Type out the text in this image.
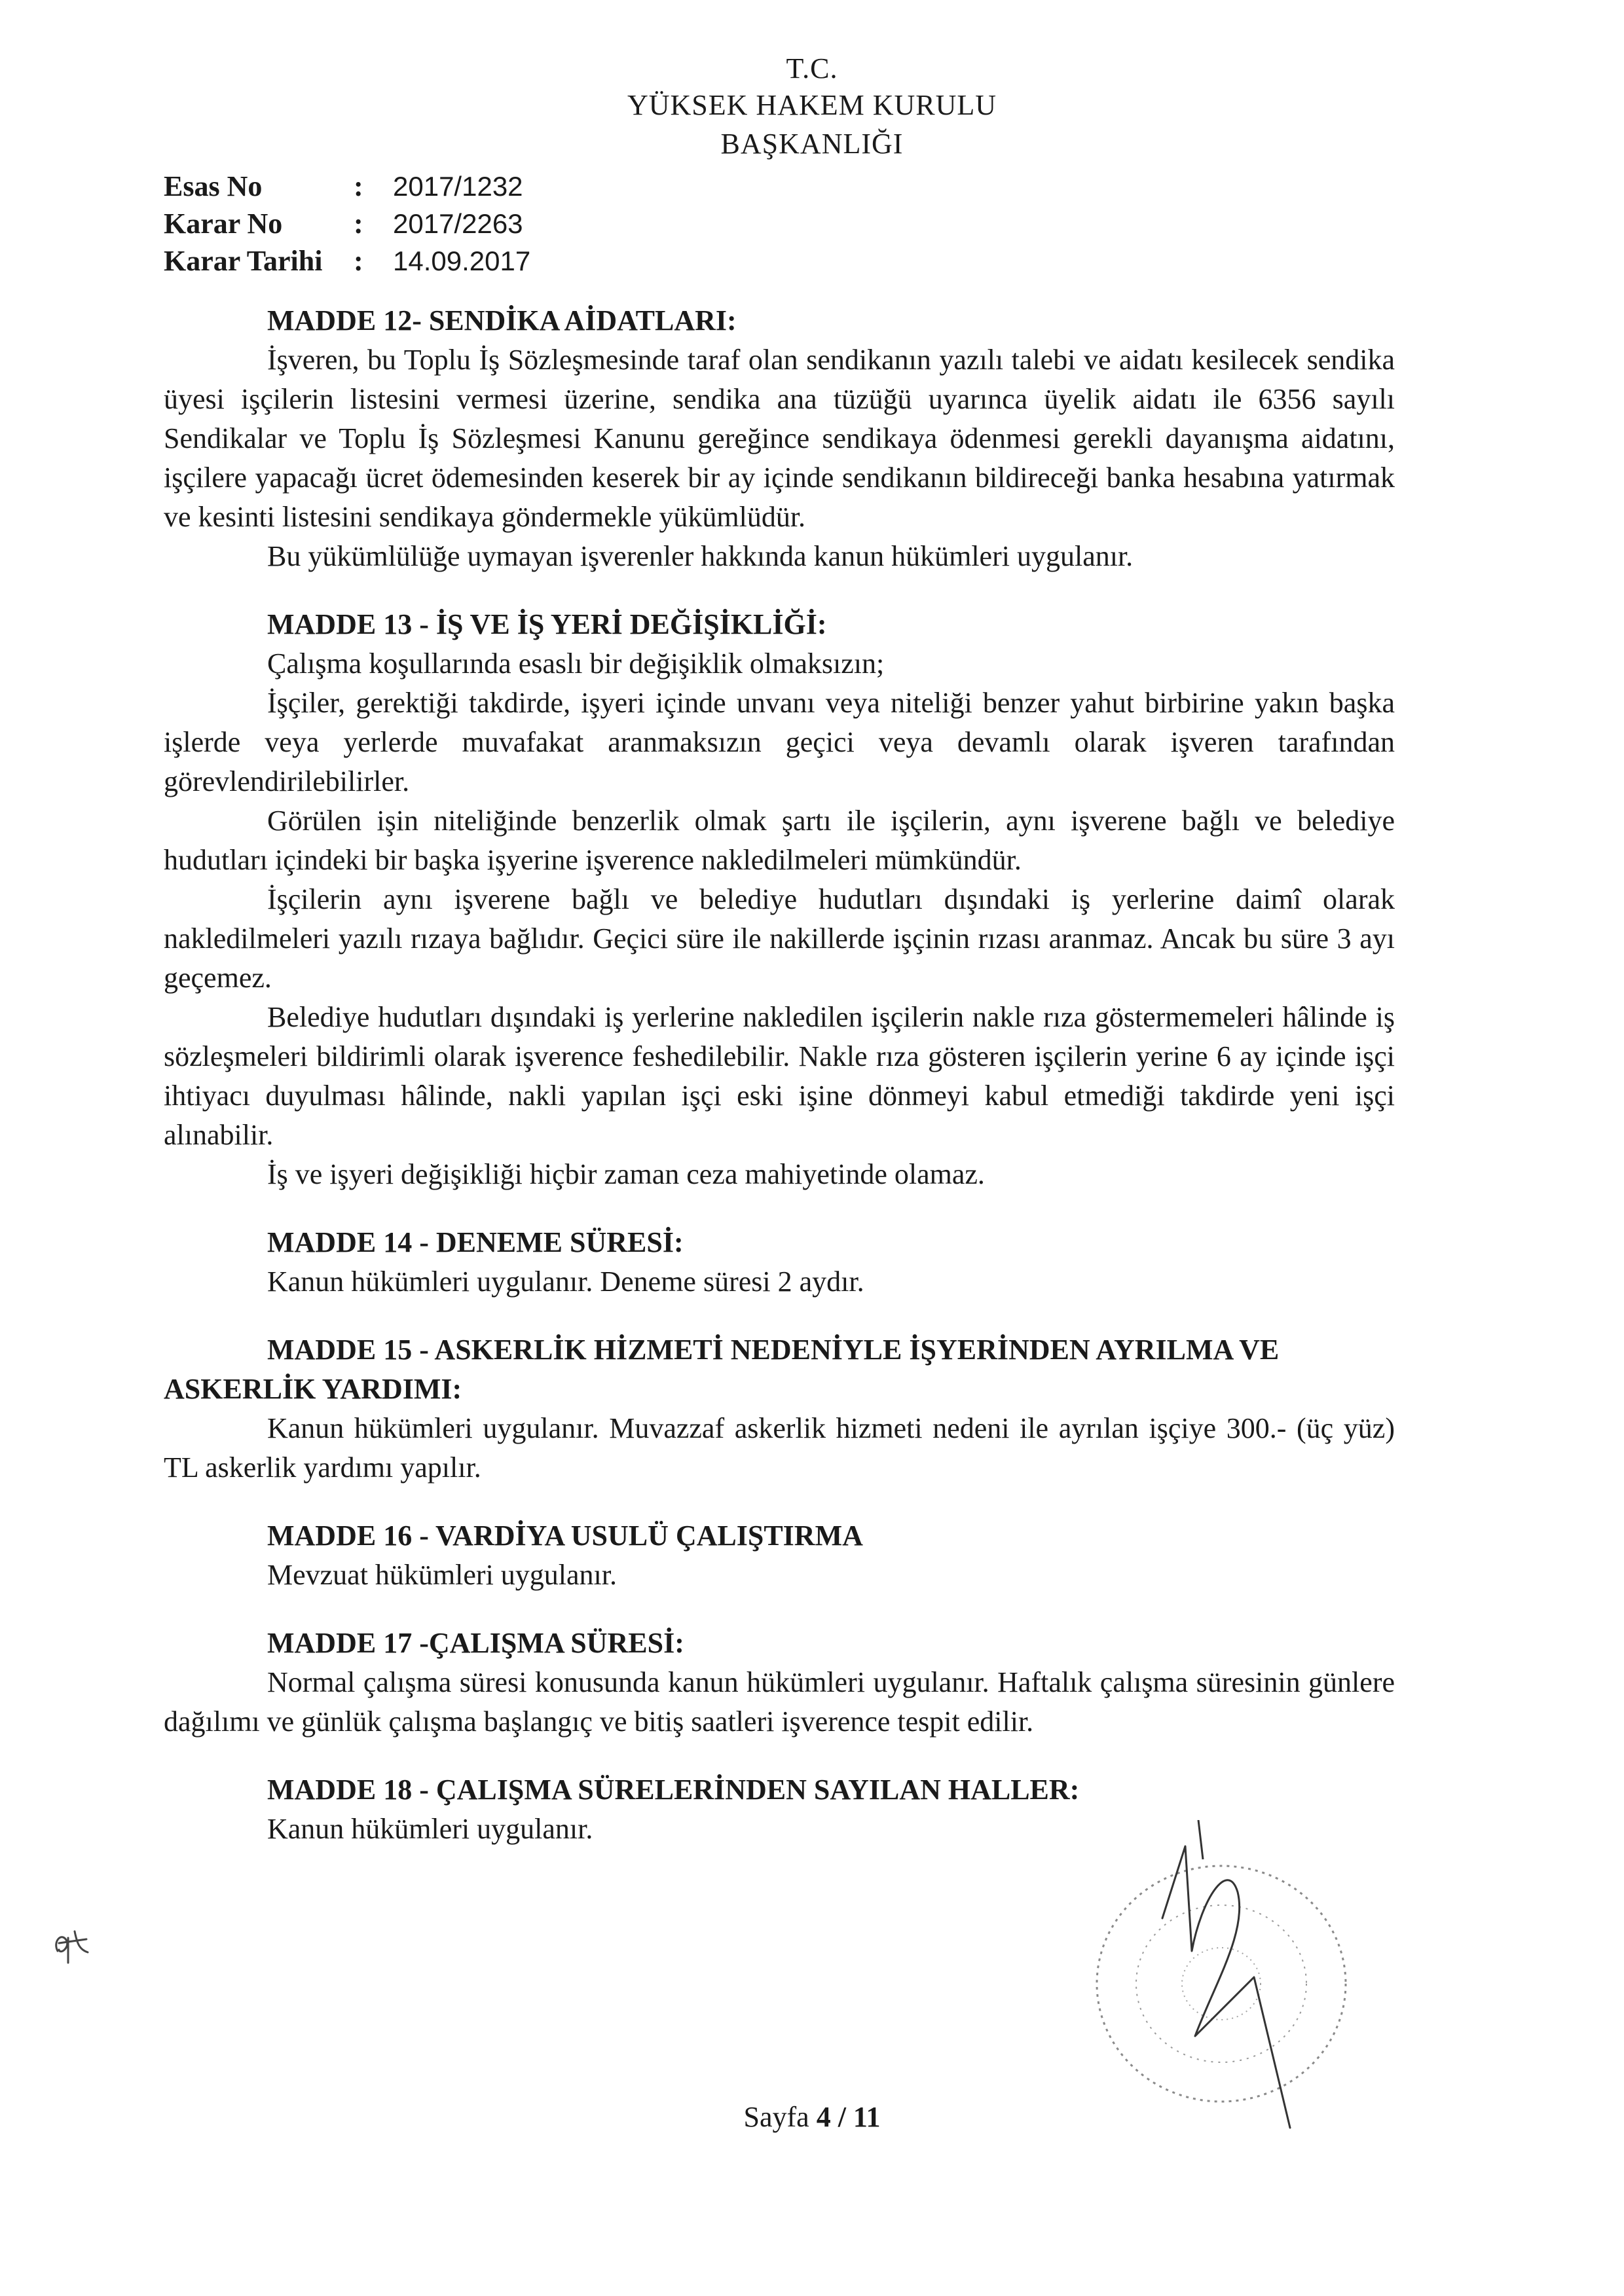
T.C.
YÜKSEK HAKEM KURULU
BAŞKANLIĞI
Esas No	:	2017/1232
Karar No	:	2017/2263
Karar Tarihi	:	14.09.2017
MADDE 12- SENDİKA AİDATLARI:

İşveren, bu Toplu İş Sözleşmesinde taraf olan sendikanın yazılı talebi ve aidatı kesilecek sendika üyesi işçilerin listesini vermesi üzerine, sendika ana tüzüğü uyarınca üyelik aidatı ile 6356 sayılı Sendikalar ve Toplu İş Sözleşmesi Kanunu gereğince sendikaya ödenmesi gerekli dayanışma aidatını, işçilere yapacağı ücret ödemesinden keserek bir ay içinde sendikanın bildireceği banka hesabına yatırmak ve kesinti listesini sendikaya göndermekle yükümlüdür.

Bu yükümlülüğe uymayan işverenler hakkında kanun hükümleri uygulanır.

MADDE 13 - İŞ VE İŞ YERİ DEĞİŞİKLİĞİ:

Çalışma koşullarında esaslı bir değişiklik olmaksızın;

İşçiler, gerektiği takdirde, işyeri içinde unvanı veya niteliği benzer yahut birbirine yakın başka işlerde veya yerlerde muvafakat aranmaksızın geçici veya devamlı olarak işveren tarafından görevlendirilebilirler.

Görülen işin niteliğinde benzerlik olmak şartı ile işçilerin, aynı işverene bağlı ve belediye hudutları içindeki bir başka işyerine işverence nakledilmeleri mümkündür.

İşçilerin aynı işverene bağlı ve belediye hudutları dışındaki iş yerlerine daimî olarak nakledilmeleri yazılı rızaya bağlıdır. Geçici süre ile nakillerde işçinin rızası aranmaz. Ancak bu süre 3 ayı geçemez.

Belediye hudutları dışındaki iş yerlerine nakledilen işçilerin nakle rıza göstermemeleri hâlinde iş sözleşmeleri bildirimli olarak işverence feshedilebilir. Nakle rıza gösteren işçilerin yerine 6 ay içinde işçi ihtiyacı duyulması hâlinde, nakli yapılan işçi eski işine dönmeyi kabul etmediği takdirde yeni işçi alınabilir.

İş ve işyeri değişikliği hiçbir zaman ceza mahiyetinde olamaz.

MADDE 14 - DENEME SÜRESİ:

Kanun hükümleri uygulanır. Deneme süresi 2 aydır.

MADDE 15 - ASKERLİK HİZMETİ NEDENİYLE İŞYERİNDEN AYRILMA VE ASKERLİK YARDIMI:

Kanun hükümleri uygulanır. Muvazzaf askerlik hizmeti nedeni ile ayrılan işçiye 300.- (üç yüz) TL askerlik yardımı yapılır.

MADDE 16 - VARDİYA USULÜ ÇALIŞTIRMA

Mevzuat hükümleri uygulanır.

MADDE 17 -ÇALIŞMA SÜRESİ:

Normal çalışma süresi konusunda kanun hükümleri uygulanır. Haftalık çalışma süresinin günlere dağılımı ve günlük çalışma başlangıç ve bitiş saatleri işverence tespit edilir.

MADDE 18 - ÇALIŞMA SÜRELERİNDEN SAYILAN HALLER:

Kanun hükümleri uygulanır.

Sayfa 4 / 11
